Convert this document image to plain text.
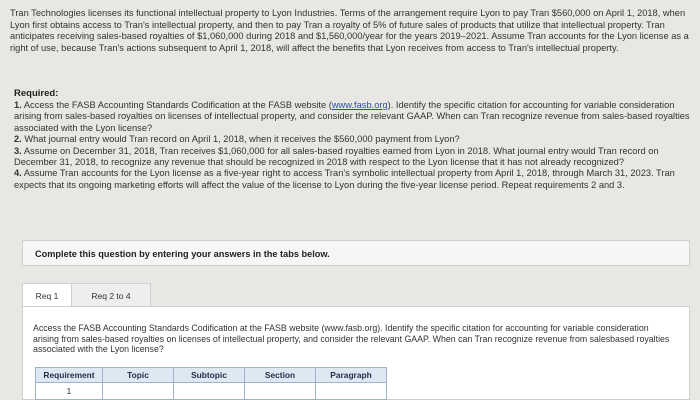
Tran Technologies licenses its functional intellectual property to Lyon Industries. Terms of the arrangement require Lyon to pay Tran $560,000 on April 1, 2018, when Lyon first obtains access to Tran's intellectual property, and then to pay Tran a royalty of 5% of future sales of products that utilize that intellectual property. Tran anticipates receiving sales-based royalties of $1,060,000 during 2018 and $1,560,000/year for the years 2019–2021. Assume Tran accounts for the Lyon license as a right of use, because Tran's actions subsequent to April 1, 2018, will affect the benefits that Lyon receives from access to Tran's intellectual property.
Required:

1. Access the FASB Accounting Standards Codification at the FASB website (www.fasb.org). Identify the specific citation for accounting for variable consideration arising from sales-based royalties on licenses of intellectual property, and consider the relevant GAAP. When can Tran recognize revenue from sales-based royalties associated with the Lyon license?

2. What journal entry would Tran record on April 1, 2018, when it receives the $560,000 payment from Lyon?

3. Assume on December 31, 2018, Tran receives $1,060,000 for all sales-based royalties earned from Lyon in 2018. What journal entry would Tran record on December 31, 2018, to recognize any revenue that should be recognized in 2018 with respect to the Lyon license that it has not already recognized?

4. Assume Tran accounts for the Lyon license as a five-year right to access Tran's symbolic intellectual property from April 1, 2018, through March 31, 2023. Tran expects that its ongoing marketing efforts will affect the value of the license to Lyon during the five-year license period. Repeat requirements 2 and 3.

Complete this question by entering your answers in the tabs below.
Req 1	Req 2 to 4
Access the FASB Accounting Standards Codification at the FASB website (www.fasb.org). Identify the specific citation for accounting for variable consideration arising from sales-based royalties on licenses of intellectual property, and consider the relevant GAAP. When can Tran recognize revenue from salesbased royalties associated with the Lyon license?
Requirement	Topic	Subtopic	Section	Paragraph
1				
